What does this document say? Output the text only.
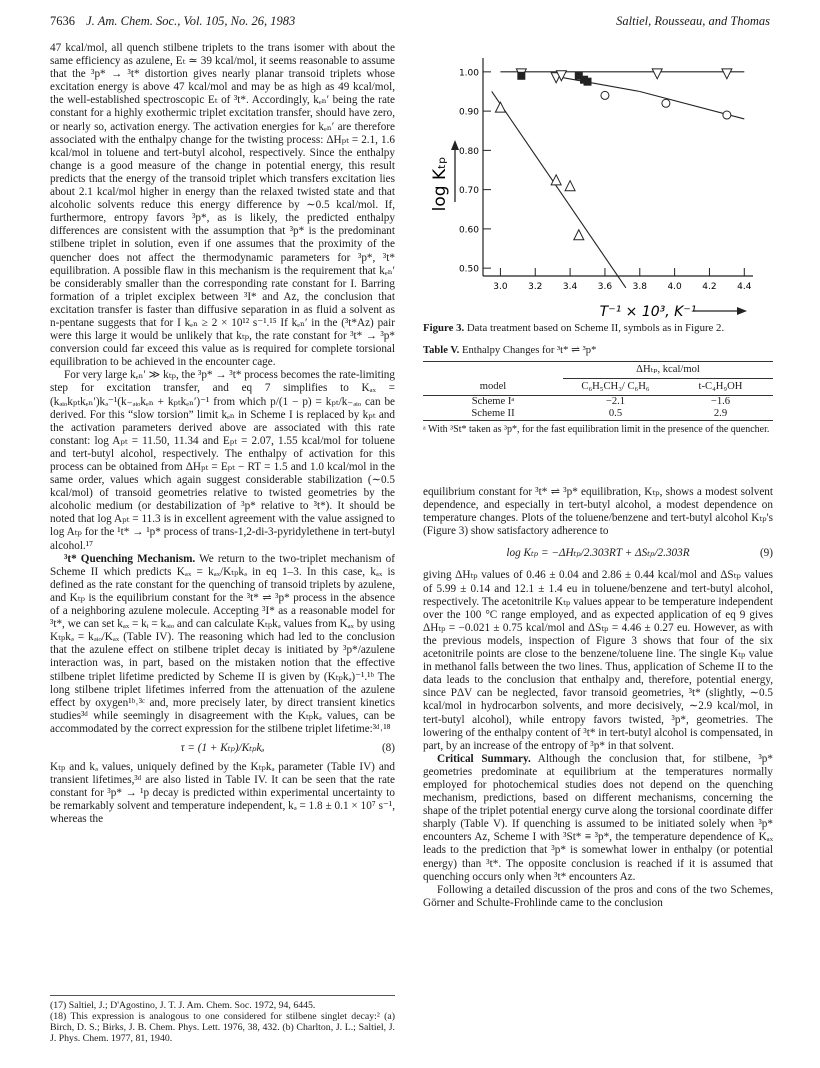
7636 J. Am. Chem. Soc., Vol. 105, No. 26, 1983	Saltiel, Rousseau, and Thomas

47 kcal/mol, all quench stilbene triplets to the trans isomer with about the same efficiency as azulene, Eₜ ≃ 39 kcal/mol, it seems reasonable to assume that the ³p* → ³t* distortion gives nearly planar transoid triplets whose excitation energy is above 47 kcal/mol and may be as high as 49 kcal/mol, the well-established spectroscopic Eₜ of ³t*. Accordingly, kₑₙ′ being the rate constant for a highly exothermic triplet excitation transfer, should have zero, or nearly so, activation energy. The activation energies for kₑₙ′ are therefore associated with the enthalpy change for the twisting process: ΔHₚₜ = 2.1, 1.6 kcal/mol in toluene and tert-butyl alcohol, respectively. Since the enthalpy change is a good measure of the change in potential energy, this result predicts that the energy of the transoid triplet which transfers excitation lies about 2.1 kcal/mol higher in energy than the relaxed twisted state and that alcoholic solvents reduce this energy difference by ∼0.5 kcal/mol. If, furthermore, entropy favors ³p*, as is likely, the predicted enthalpy differences are consistent with the assumption that ³p* is the predominant stilbene triplet in solution, even if one assumes that the proximity of the quencher does not affect the thermodynamic parameters for ³p*, ³t* equilibration. A possible flaw in this mechanism is the requirement that kₑₙ′ be considerably smaller than the corresponding rate constant for I. Barring formation of a triplet exciplex between ³I* and Az, the conclusion that excitation transfer is faster than diffusive separation in as fluid a solvent as n-pentane suggests that for I kₑₙ ≥ 2 × 10¹² s⁻¹.¹⁵ If kₑₙ′ in the (³t*Az) pair were this large it would be unlikely that kₜₚ, the rate constant for ³t* → ³p* conversion could far exceed this value as is required for complete torsional equilibration to be achieved in the encounter cage.

For very large kₑₙ′ ≫ kₜₚ, the ³p* → ³t* process becomes the rate-limiting step for excitation transfer, and eq 7 simplifies to Kₐₓ = (kₔᵢₒkₚₜkₑₙ′)kₔ⁻¹(k₋ₔᵢₒkₑₙ + kₚₜkₑₙ′)⁻¹ from which p/(1 − p) = kₚₜ/k₋ₔᵢₒ can be derived. For this “slow torsion” limit kₑₙ in Scheme I is replaced by kₚₜ and the activation parameters derived above are associated with this rate constant: log Aₚₜ = 11.50, 11.34 and Eₚₜ = 2.07, 1.55 kcal/mol for toluene and tert-butyl alcohol, respectively. The enthalpy of activation for this process can be obtained from ΔHₚₜ = Eₚₜ − RT = 1.5 and 1.0 kcal/mol in the same order, values which again suggest considerable stabilization (∼0.5 kcal/mol) of transoid geometries relative to twisted geometries by the alcoholic medium (or destabilization of ³p* relative to ³t*). It should be noted that log Aₚₜ = 11.3 is in excellent agreement with the value assigned to log Aₜₚ for the ¹t* → ¹p* process of trans-1,2-di-3-pyridylethene in tert-butyl alcohol.¹⁷

³t* Quenching Mechanism. We return to the two-triplet mechanism of Scheme II which predicts Kₐₓ = kₐₓ/Kₜₚkₔ in eq 1–3. In this case, kₐₓ is defined as the rate constant for the quenching of transoid triplets by azulene, and Kₜₚ is the equilibrium constant for the ³t* ⇌ ³p* process in the absence of a neighboring azulene molecule. Accepting ³I* as a reasonable model for ³t*, we can set kₐₓ = kᵢ = kₔᵢₒ and can calculate Kₜₚkₔ values from Kₐₓ by using Kₜₚkₔ = kₔᵢₒ/Kₐₓ (Table IV). The reasoning which had led to the conclusion that the azulene effect on stilbene triplet decay is initiated by ³p*/azulene interaction was, in part, based on the mistaken notion that the effective stilbene triplet lifetime predicted by Scheme II is given by (Kₜₚkₔ)⁻¹.¹ᵇ The long stilbene triplet lifetimes inferred from the attenuation of the azulene effect by oxygen¹ᵇ˒³ᶜ and, more precisely later, by direct transient kinetics studies³ᵈ while seemingly in disagreement with the Kₜₚkₔ values, can be accommodated by the correct expression for the stilbene triplet lifetime:³ᵈ˒¹⁸

τ = (1 + Kₜₚ)/Kₜₚkₔ	(8)

Kₜₚ and kₔ values, uniquely defined by the Kₜₚkₔ parameter (Table IV) and transient lifetimes,³ᵈ are also listed in Table IV. It can be seen that the rate constant for ³p* → ¹p decay is predicted within experimental uncertainty to be remarkably solvent and temperature independent, kₔ = 1.8 ± 0.1 × 10⁷ s⁻¹, whereas the

(17) Saltiel, J.; D'Agostino, J. T. J. Am. Chem. Soc. 1972, 94, 6445.

(18) This expression is analogous to one considered for stilbene singlet decay:² (a) Birch, D. S.; Birks, J. B. Chem. Phys. Lett. 1976, 38, 432. (b) Charlton, J. L.; Saltiel, J. J. Phys. Chem. 1977, 81, 1940.

0.50
0.60
0.70
0.80
0.90
1.00
3.0 3.2 3.4 3.6 3.8 4.0 4.2 4.4
log Kₜₚ
T⁻¹ × 10³, K⁻¹
Figure 3. Data treatment based on Scheme II, symbols as in Figure 2.
Table V. Enthalpy Changes for ³t* ⇌ ³p*
	ΔHₜₚ, kcal/mol	
model	C₆H₅CH₃/ C₆H₆	t-C₄H₉OH
Scheme Iᵃ	−2.1	−1.6
Scheme II	0.5	2.9
ᵃ With ³St* taken as ³p*, for the fast equilibration limit in the presence of the quencher.

equilibrium constant for ³t* ⇌ ³p* equilibration, Kₜₚ, shows a modest solvent dependence, and especially in tert-butyl alcohol, a modest dependence on temperature changes. Plots of the toluene/benzene and tert-butyl alcohol Kₜₚ's (Figure 3) show satisfactory adherence to

log Kₜₚ = −ΔHₜₚ/2.303RT + ΔSₜₚ/2.303R	(9)

giving ΔHₜₚ values of 0.46 ± 0.04 and 2.86 ± 0.44 kcal/mol and ΔSₜₚ values of 5.99 ± 0.14 and 12.1 ± 1.4 eu in toluene/benzene and tert-butyl alcohol, respectively. The acetonitrile Kₜₚ values appear to be temperature independent over the 100 °C range employed, and as expected application of eq 9 gives ΔHₜₚ = −0.021 ± 0.75 kcal/mol and ΔSₜₚ = 4.46 ± 0.27 eu. However, as with the previous models, inspection of Figure 3 shows that four of the six acetonitrile points are close to the benzene/toluene line. The single Kₜₚ value in methanol falls between the two lines. Thus, application of Scheme II to the data leads to the conclusion that enthalpy and, therefore, potential energy, since PΔV can be neglected, favor transoid geometries, ³t* (slightly, ∼0.5 kcal/mol in hydrocarbon solvents, and more decisively, ∼2.9 kcal/mol, in tert-butyl alcohol), while entropy favors twisted, ³p*, geometries. The lowering of the enthalpy content of ³t* in tert-butyl alcohol is compensated, in part, by an increase of the entropy of ³p* in that solvent.

Critical Summary. Although the conclusion that, for stilbene, ³p* geometries predominate at equilibrium at the temperatures normally employed for photochemical studies does not depend on the quenching mechanism, predictions, based on different mechanisms, concerning the shape of the triplet potential energy curve along the torsional coordinate differ sharply (Table V). If quenching is assumed to be initiated solely when ³p* encounters Az, Scheme I with ³St* ≡ ³p*, the temperature dependence of Kₐₓ leads to the prediction that ³p* is somewhat lower in enthalpy (or potential energy) than ³t*. The opposite conclusion is reached if it is assumed that quenching occurs only when ³t* encounters Az.

Following a detailed discussion of the pros and cons of the two Schemes, Görner and Schulte-Frohlinde came to the conclusion
